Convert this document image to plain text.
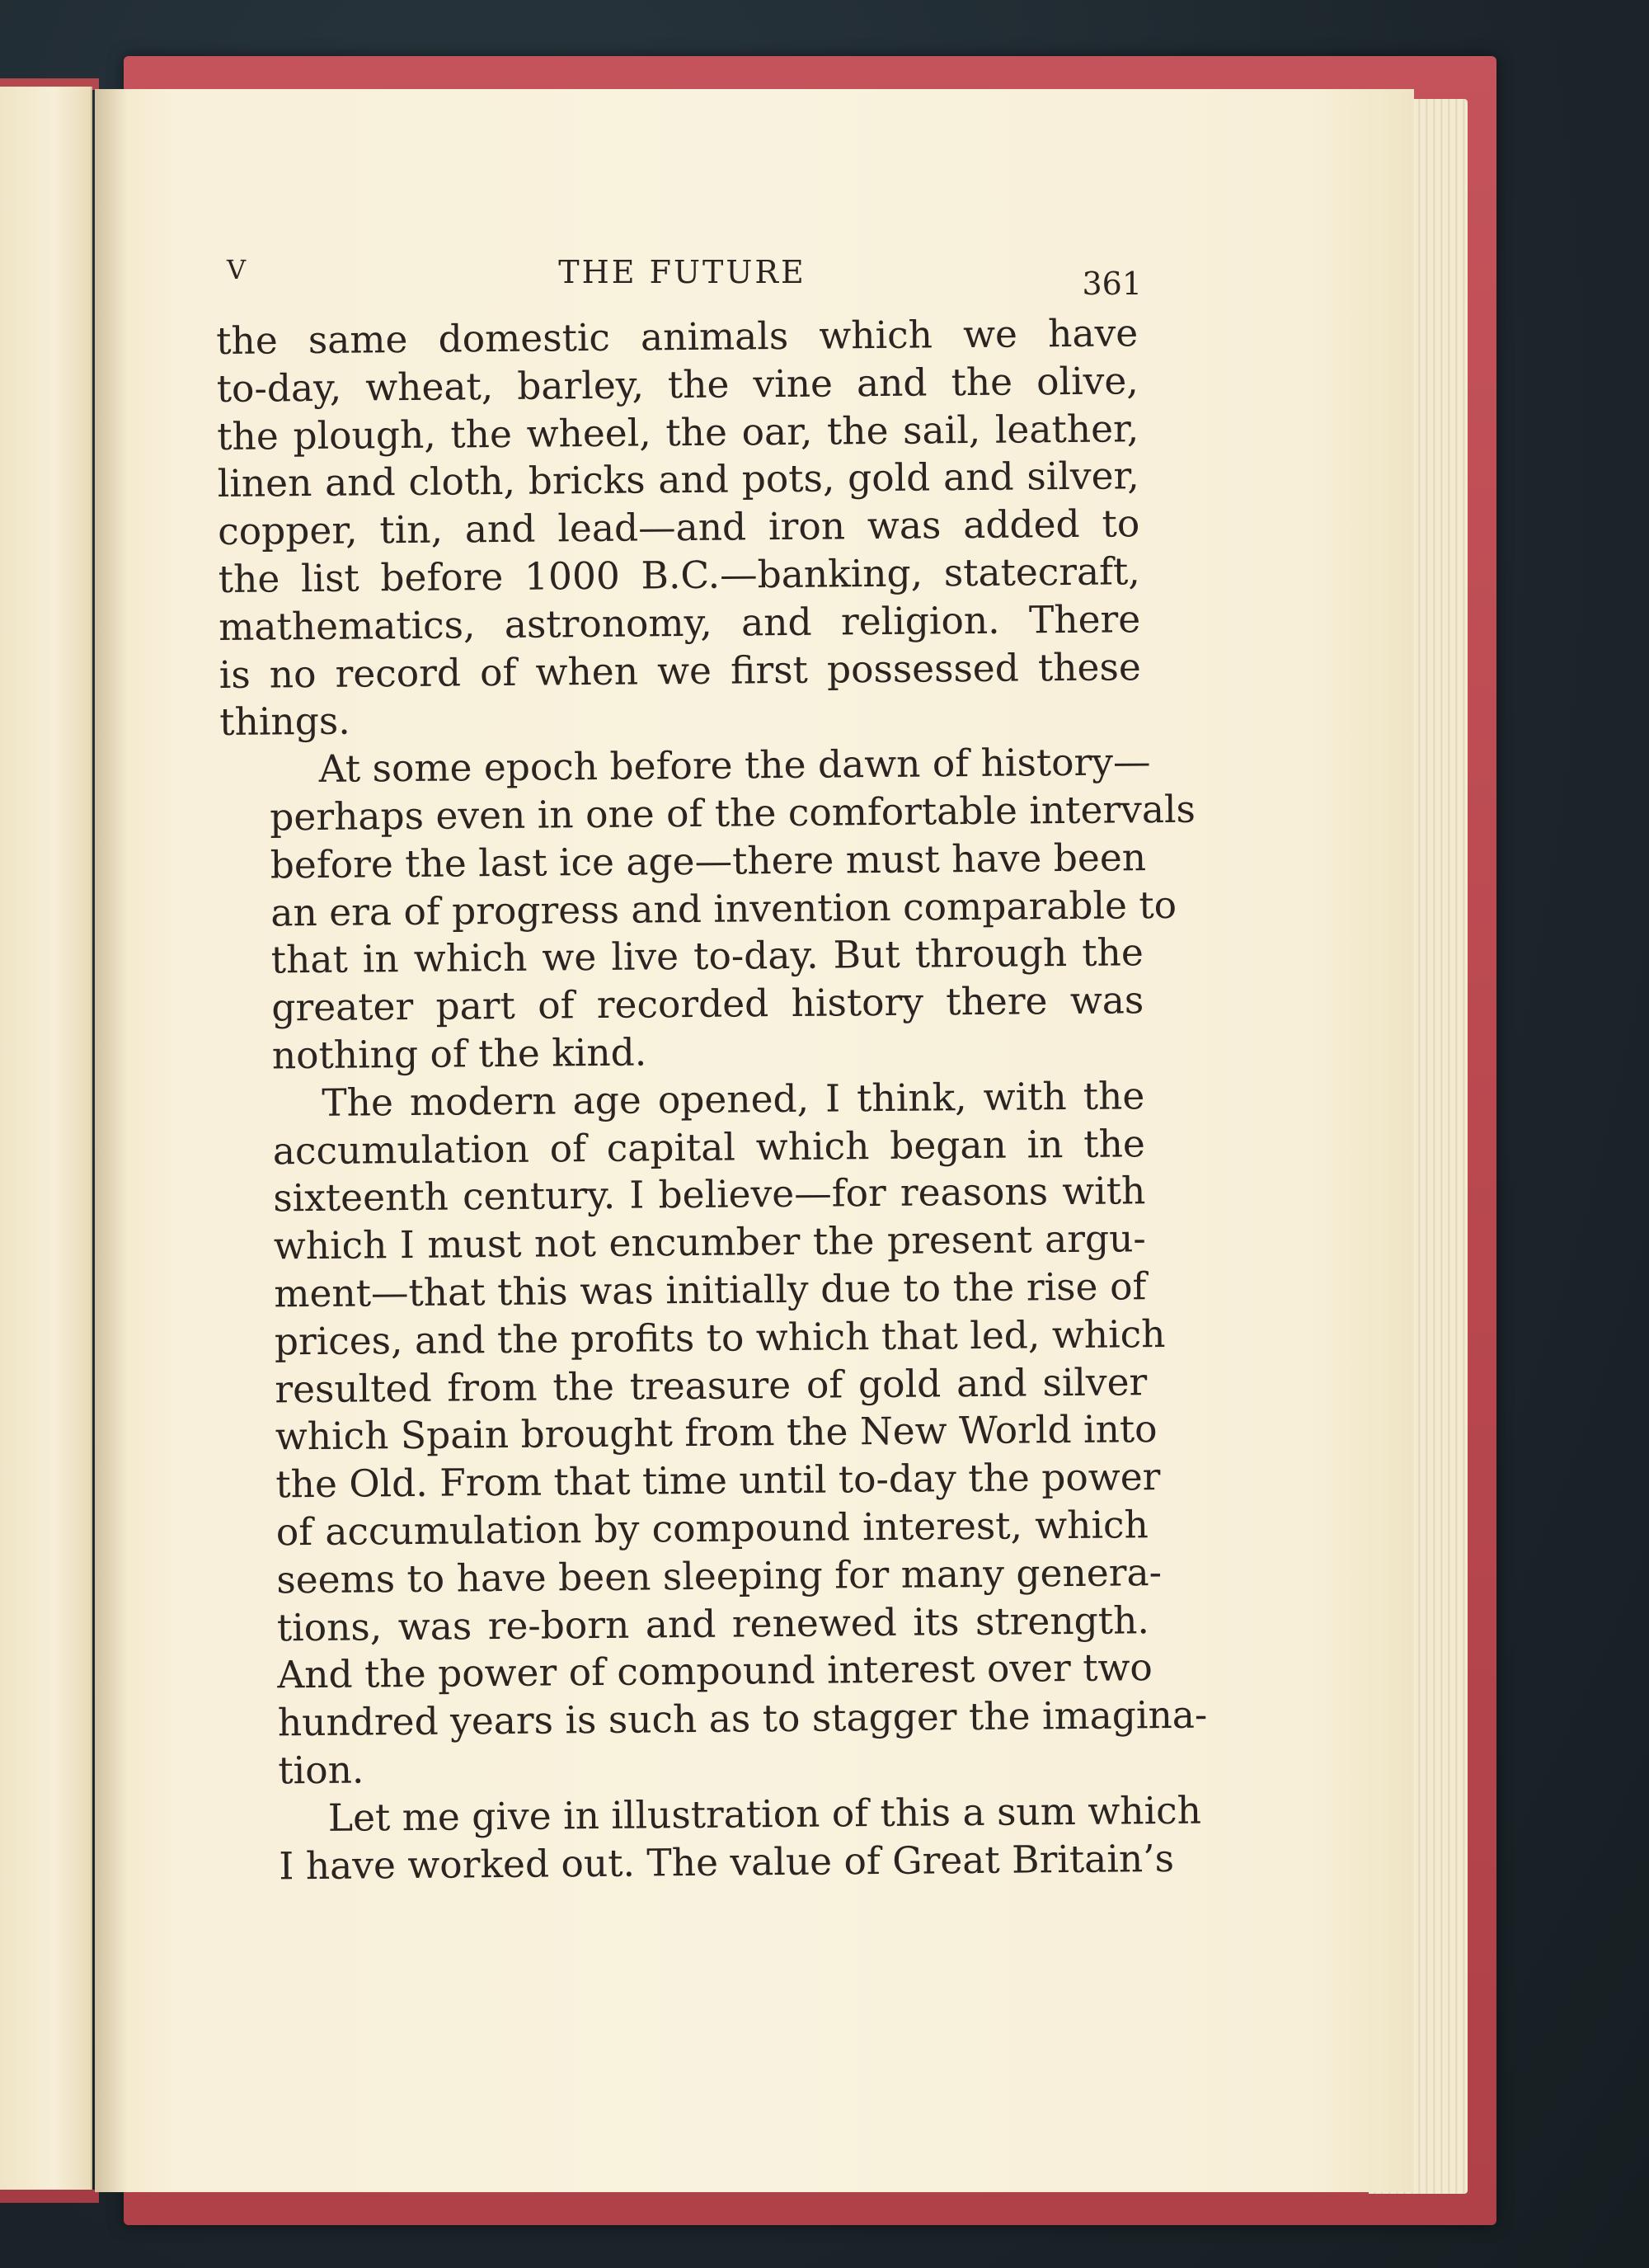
V	THE FUTURE	361

the same domestic animals which we have
to-day, wheat, barley, the vine and the olive,
the plough, the wheel, the oar, the sail, leather,
linen and cloth, bricks and pots, gold and silver,
copper, tin, and lead—and iron was added to
the list before 1000 B.C.—banking, statecraft,
mathematics, astronomy, and religion. There
is no record of when we first possessed these
things.

At some epoch before the dawn of history—
perhaps even in one of the comfortable intervals
before the last ice age—there must have been
an era of progress and invention comparable to
that in which we live to-day. But through the
greater part of recorded history there was
nothing of the kind.

The modern age opened, I think, with the
accumulation of capital which began in the
sixteenth century. I believe—for reasons with
which I must not encumber the present argu-
ment—that this was initially due to the rise of
prices, and the profits to which that led, which
resulted from the treasure of gold and silver
which Spain brought from the New World into
the Old. From that time until to-day the power
of accumulation by compound interest, which
seems to have been sleeping for many genera-
tions, was re-born and renewed its strength.
And the power of compound interest over two
hundred years is such as to stagger the imagina-
tion.

Let me give in illustration of this a sum which
I have worked out. The value of Great Britain’s
